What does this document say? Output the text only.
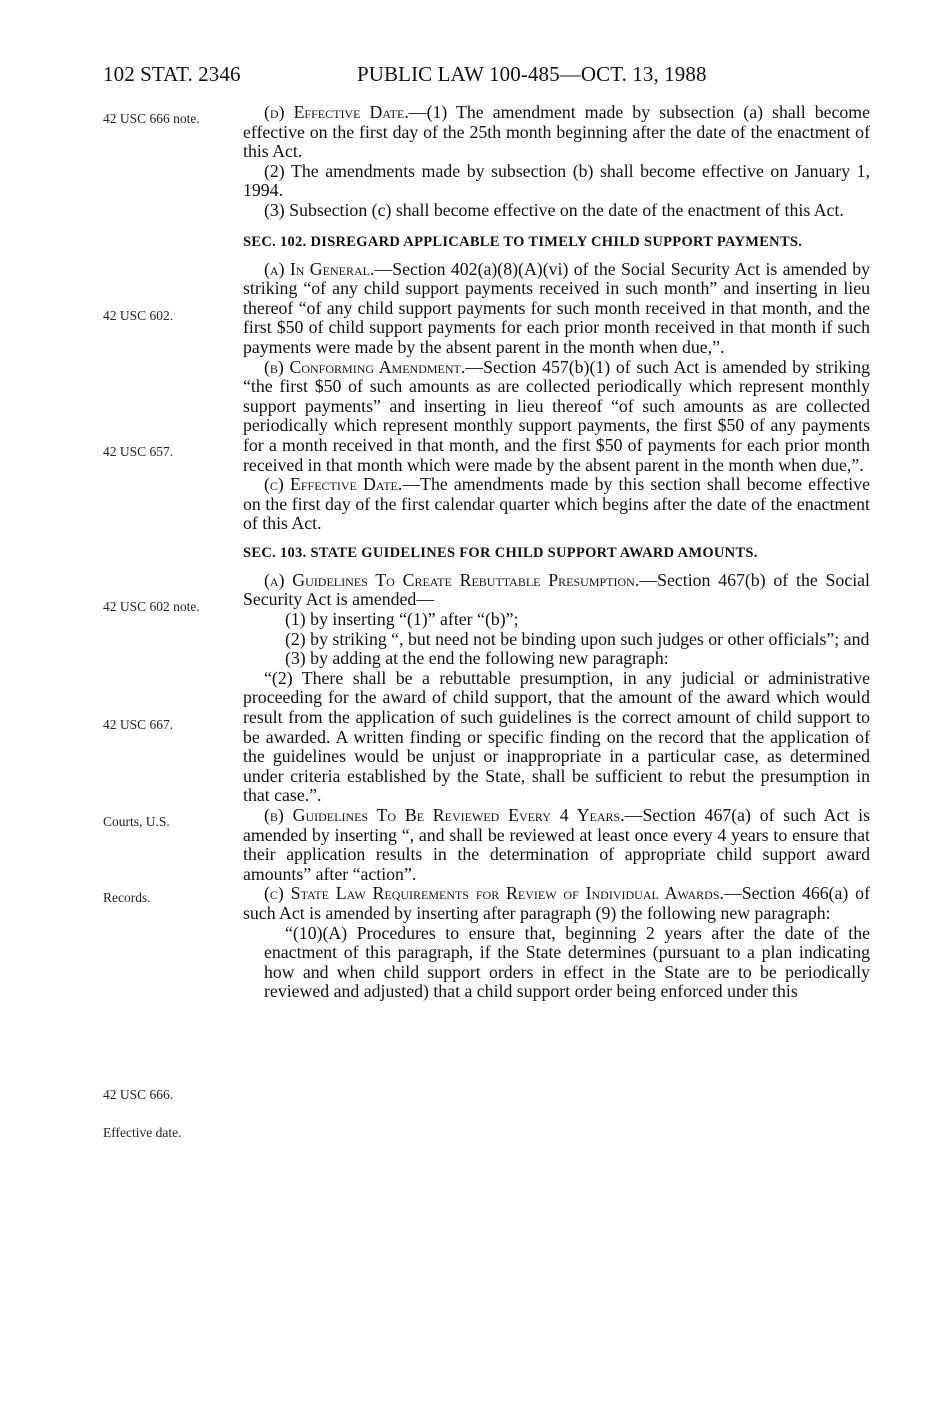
102 STAT. 2346	PUBLIC LAW 100-485—OCT. 13, 1988
42 USC 666 note.
42 USC 602.
42 USC 657.
42 USC 602 note.
42 USC 667.
Courts, U.S.
Records.
42 USC 666.
Effective date.

(d) Effective Date.—(1) The amendment made by subsection (a) shall become effective on the first day of the 25th month beginning after the date of the enactment of this Act.

(2) The amendments made by subsection (b) shall become effective on January 1, 1994.

(3) Subsection (c) shall become effective on the date of the enactment of this Act.

SEC. 102. DISREGARD APPLICABLE TO TIMELY CHILD SUPPORT PAYMENTS.

(a) In General.—Section 402(a)(8)(A)(vi) of the Social Security Act is amended by striking “of any child support payments received in such month” and inserting in lieu thereof “of any child support payments for such month received in that month, and the first $50 of child support payments for each prior month received in that month if such payments were made by the absent parent in the month when due,”.

(b) Conforming Amendment.—Section 457(b)(1) of such Act is amended by striking “the first $50 of such amounts as are collected periodically which represent monthly support payments” and inserting in lieu thereof “of such amounts as are collected periodically which represent monthly support payments, the first $50 of any payments for a month received in that month, and the first $50 of payments for each prior month received in that month which were made by the absent parent in the month when due,”.

(c) Effective Date.—The amendments made by this section shall become effective on the first day of the first calendar quarter which begins after the date of the enactment of this Act.

SEC. 103. STATE GUIDELINES FOR CHILD SUPPORT AWARD AMOUNTS.

(a) Guidelines To Create Rebuttable Presumption.—Section 467(b) of the Social Security Act is amended—

(1) by inserting “(1)” after “(b)”;

(2) by striking “, but need not be binding upon such judges or other officials”; and

(3) by adding at the end the following new paragraph:

“(2) There shall be a rebuttable presumption, in any judicial or administrative proceeding for the award of child support, that the amount of the award which would result from the application of such guidelines is the correct amount of child support to be awarded. A written finding or specific finding on the record that the application of the guidelines would be unjust or inappropriate in a particular case, as determined under criteria established by the State, shall be sufficient to rebut the presumption in that case.”.

(b) Guidelines To Be Reviewed Every 4 Years.—Section 467(a) of such Act is amended by inserting “, and shall be reviewed at least once every 4 years to ensure that their application results in the determination of appropriate child support award amounts” after “action”.

(c) State Law Requirements for Review of Individual Awards.—Section 466(a) of such Act is amended by inserting after paragraph (9) the following new paragraph:

“(10)(A) Procedures to ensure that, beginning 2 years after the date of the enactment of this paragraph, if the State determines (pursuant to a plan indicating how and when child support orders in effect in the State are to be periodically reviewed and adjusted) that a child support order being enforced under this
